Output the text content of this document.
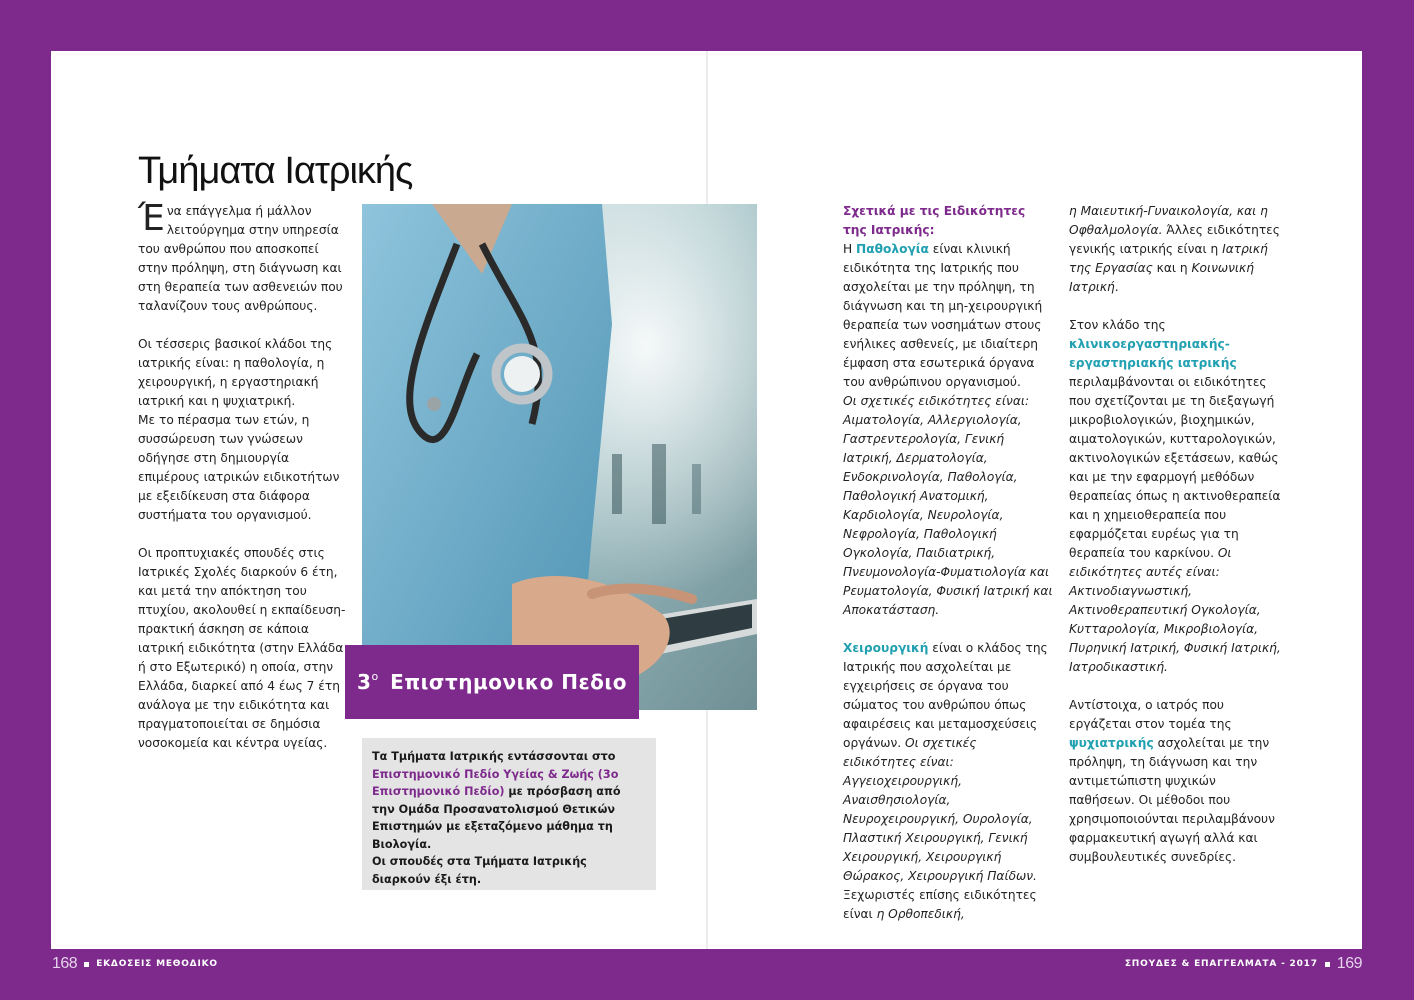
Τμήματα Ιατρικής

Ένα επάγγελμα ή μάλλον λειτούργημα στην υπηρεσία του ανθρώπου που αποσκοπεί στην πρόληψη, στη διάγνωση και στη θεραπεία των ασθενειών που ταλανίζουν τους ανθρώπους.

Οι τέσσερις βασικοί κλάδοι της ιατρικής είναι: η παθολογία, η χειρουργική, η εργαστηριακή ιατρική και η ψυχιατρική.
Με το πέρασμα των ετών, η συσσώρευση των γνώσεων οδήγησε στη δημιουργία επιμέρους ιατρικών ειδικοτήτων με εξειδίκευση στα διάφορα συστήματα του οργανισμού.

Οι προπτυχιακές σπουδές στις Ιατρικές Σχολές διαρκούν 6 έτη, και μετά την απόκτηση του πτυχίου, ακολουθεί η εκπαίδευση-πρακτική άσκηση σε κάποια ιατρική ειδικότητα (στην Ελλάδα ή στο Εξωτερικό) η οποία, στην Ελλάδα, διαρκεί από 4 έως 7 έτη ανάλογα με την ειδικότητα και πραγματοποιείται σε δημόσια νοσοκομεία και κέντρα υγείας.

$3^o$
Επιστημονικο Πεδιο
Τα Τμήματα Ιατρικής εντάσσονται στο Επιστημονικό Πεδίο Υγείας & Ζωής (3ο Επιστημονικό Πεδίο) με πρόσβαση από την Ομάδα Προσανατολισμού Θετικών Επιστημών με εξεταζόμενο μάθημα τη Βιολογία.
Οι σπουδές στα Τμήματα Ιατρικής διαρκούν έξι έτη.

Σχετικά με τις Ειδικότητες της Ιατρικής:
Η Παθολογία είναι κλινική ειδικότητα της Ιατρικής που ασχολείται με την πρόληψη, τη διάγνωση και τη μη-χειρουργική θεραπεία των νοσημάτων στους ενήλικες ασθενείς, με ιδιαίτερη έμφαση στα εσωτερικά όργανα του ανθρώπινου οργανισμού.
Οι σχετικές ειδικότητες είναι: Αιματολογία, Αλλεργιολογία, Γαστρεντερολογία, Γενική Ιατρική, Δερματολογία, Ενδοκρινολογία, Παθολογία, Παθολογική Ανατομική, Καρδιολογία, Νευρολογία, Νεφρολογία, Παθολογική Ογκολογία, Παιδιατρική, Πνευμονολογία-Φυματιολογία και Ρευματολογία, Φυσική Ιατρική και Αποκατάσταση.

Χειρουργική είναι ο κλάδος της Ιατρικής που ασχολείται με εγχειρήσεις σε όργανα του σώματος του ανθρώπου όπως αφαιρέσεις και μεταμοσχεύσεις οργάνων. Οι σχετικές ειδικότητες είναι: Αγγειοχειρουργική, Αναισθησιολογία, Νευροχειρουργική, Ουρολογία, Πλαστική Χειρουργική, Γενική Χειρουργική, Χειρουργική Θώρακος, Χειρουργική Παίδων.
Ξεχωριστές επίσης ειδικότητες είναι η Ορθοπεδική,

η Μαιευτική-Γυναικολογία, και η Οφθαλμολογία. Άλλες ειδικότητες γενικής ιατρικής είναι η Ιατρική της Εργασίας και η Κοινωνική Ιατρική.

Στον κλάδο της
κλινικοεργαστηριακής-εργαστηριακής ιατρικής
περιλαμβάνονται οι ειδικότητες που σχετίζονται με τη διεξαγωγή μικροβιολογικών, βιοχημικών, αιματολογικών, κυτταρολογικών, ακτινολογικών εξετάσεων, καθώς και με την εφαρμογή μεθόδων θεραπείας όπως η ακτινοθεραπεία και η χημειοθεραπεία που εφαρμόζεται ευρέως για τη θεραπεία του καρκίνου. Οι ειδικότητες αυτές είναι: Ακτινοδιαγνωστική, Ακτινοθεραπευτική Ογκολογία, Κυτταρολογία, Μικροβιολογία, Πυρηνική Ιατρική, Φυσική Ιατρική, Ιατροδικαστική.

Αντίστοιχα, ο ιατρός που εργάζεται στον τομέα της ψυχιατρικής ασχολείται με την πρόληψη, τη διάγνωση και την αντιμετώπιστη ψυχικών παθήσεων. Οι μέθοδοι που χρησιμοποιούνται περιλαμβάνουν φαρμακευτική αγωγή αλλά και συμβουλευτικές συνεδρίες.

168 ΕΚΔΟΣΕΙΣ ΜΕΘΟΔΙΚΟ	ΣΠΟΥΔΕΣ & ΕΠΑΓΓΕΛΜΑΤΑ - 2017 169
